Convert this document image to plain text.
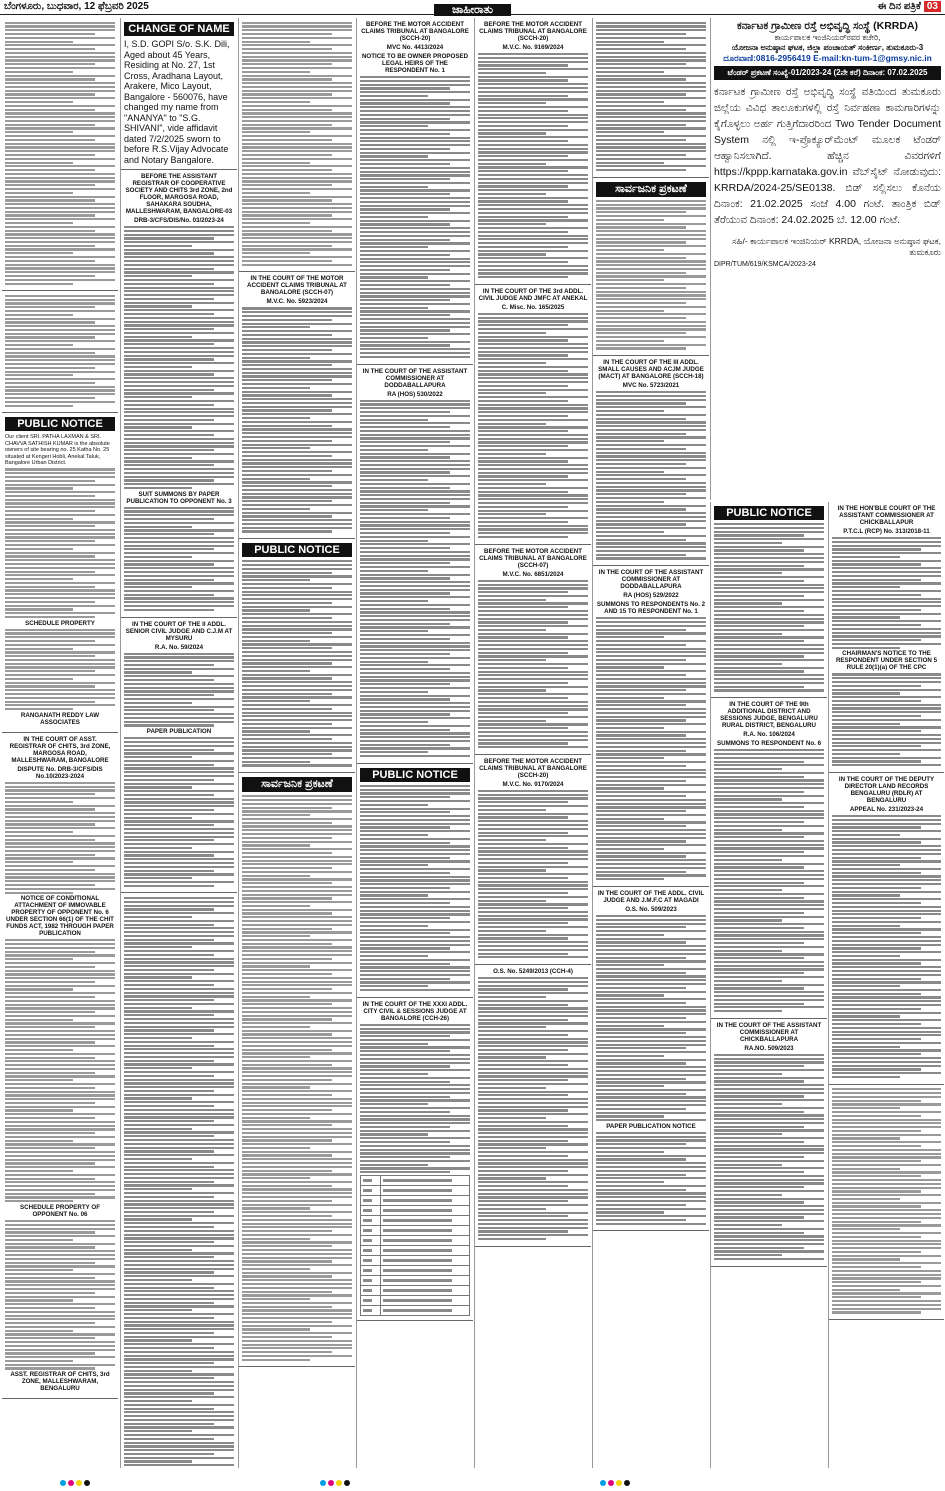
ಬೆಂಗಳೂರು, ಬುಧವಾರ, 12 ಫೆಬ್ರವರಿ 2025	ಜಾಹೀರಾತು	ಈ ದಿನ ಪತ್ರಿಕೆ 03
PUBLIC NOTICE
Our client SRI. PATHA LAXMAN & SRI. CHAVVA SATHISH KUMAR is the absolute owners of site bearing no. 25 Katha No. 25 situated at Kengeri Hobli, Anekal Taluk, Bangalore Urban District.
SCHEDULE PROPERTY
RANGANATH REDDY LAW ASSOCIATES
IN THE COURT OF ASST. REGISTRAR OF CHITS, 3rd ZONE, MARGOSA ROAD, MALLESHWARAM, BANGALORE
DISPUTE No. DRB-3/CFS/DIS No.10/2023-2024
NOTICE OF CONDITIONAL ATTACHMENT OF IMMOVABLE PROPERTY OF OPPONENT No. 6 UNDER SECTION 66(1) OF THE CHIT FUNDS ACT, 1982 THROUGH PAPER PUBLICATION
SCHEDULE PROPERTY OF OPPONENT No. 06
ASST. REGISTRAR OF CHITS, 3rd ZONE, MALLESHWARAM, BENGALURU
CHANGE OF NAME
I, S.D. GOPI S/o. S.K. Dili, Aged about 45 Years, Residing at No. 27, 1st Cross, Aradhana Layout, Arakere, Mico Layout, Bangalore - 560076, have changed my name from "ANANYA" to "S.G. SHIVANI", vide affidavit dated 7/2/2025 sworn to before R.S.Vijay Advocate and Notary Bangalore.
BEFORE THE ASSISTANT REGISTRAR OF COOPERATIVE SOCIETY AND CHITS 3rd ZONE, 2nd FLOOR, MARGOSA ROAD, SAHAKARA SOUDHA, MALLESHWARAM, BANGALORE-03
DRB-3/CFS/DIS/No. 03/2023-24
SUIT SUMMONS BY PAPER PUBLICATION TO OPPONENT No. 3
IN THE COURT OF THE II ADDL. SENIOR CIVIL JUDGE AND C.J.M AT MYSURU
R.A. No. 59/2024
PAPER PUBLICATION
IN THE COURT OF THE MOTOR ACCIDENT CLAIMS TRIBUNAL AT BANGALORE (SCCH-07)
M.V.C. No. 5923/2024
PUBLIC NOTICE
ಸಾರ್ವಜನಿಕ ಪ್ರಕಟಣೆ
BEFORE THE MOTOR ACCIDENT CLAIMS TRIBUNAL AT BANGALORE (SCCH-20)
MVC No. 4413/2024
NOTICE TO BE OWNER PROPOSED LEGAL HEIRS OF THE RESPONDENT No. 1
IN THE COURT OF THE ASSISTANT COMMISSIONER AT DODDABALLAPURA
RA (HOS) 530/2022
PUBLIC NOTICE
IN THE COURT OF THE XXXI ADDL. CITY CIVIL & SESSIONS JUDGE AT BANGALORE (CCH-26)

BEFORE THE MOTOR ACCIDENT CLAIMS TRIBUNAL AT BANGALORE (SCCH-20)
M.V.C. No. 9169/2024
IN THE COURT OF THE 3rd ADDL. CIVIL JUDGE AND JMFC AT ANEKAL
C. Misc. No. 165/2025
BEFORE THE MOTOR ACCIDENT CLAIMS TRIBUNAL AT BANGALORE (SCCH-07)
M.V.C. No. 6851/2024
BEFORE THE MOTOR ACCIDENT CLAIMS TRIBUNAL AT BANGALORE (SCCH-20)
M.V.C. No. 9170/2024
O.S. No. 5249/2013 (CCH-4)
ಸಾರ್ವಜನಿಕ ಪ್ರಕಟಣೆ
IN THE COURT OF THE III ADDL. SMALL CAUSES AND ACJM JUDGE (MACT) AT BANGALORE (SCCH-18)
MVC No. 5723/2021
IN THE COURT OF THE ASSISTANT COMMISSIONER AT DODDABALLAPURA
RA (HOS) 529/2022
SUMMONS TO RESPONDENTS No. 2 AND 15 TO RESPONDENT No. 1
IN THE COURT OF THE ADDL. CIVIL JUDGE AND J.M.F.C AT MAGADI
O.S. No. 509/2023
PAPER PUBLICATION NOTICE
ಕರ್ನಾಟಕ ಗ್ರಾಮೀಣ ರಸ್ತೆ ಅಭಿವೃದ್ಧಿ ಸಂಸ್ಥೆ (KRRDA)
ಕಾರ್ಯಪಾಲಕ ಇಂಜಿನಿಯರ್‌ರವರ ಕಚೇರಿ,
ಯೋಜನಾ ಅನುಷ್ಠಾನ ಘಟಕ, ಜಿಲ್ಲಾ ಪಂಚಾಯತ್ ಸಂಕೀರ್ಣ, ತುಮಕೂರು-3
ದೂರವಾಣಿ:0816-2956419 E-mail:kn-tum-1@gmsy.nic.in
ಟೆಂಡರ್ ಪ್ರಕಟಣೆ ಸಂಖ್ಯೆ-01/2023-24 (2ನೇ ಕರೆ) ದಿನಾಂಕ: 07.02.2025
ಕರ್ನಾಟಕ ಗ್ರಾಮೀಣ ರಸ್ತೆ ಅಭಿವೃದ್ಧಿ ಸಂಸ್ಥೆ ವತಿಯಿಂದ ತುಮಕೂರು ಜಿಲ್ಲೆಯ ವಿವಿಧ ತಾಲೂಕುಗಳಲ್ಲಿ ರಸ್ತೆ ನಿರ್ವಹಣಾ ಕಾಮಗಾರಿಗಳನ್ನು ಕೈಗೊಳ್ಳಲು ಅರ್ಹ ಗುತ್ತಿಗೆದಾರರಿಂದ Two Tender Document System ನಲ್ಲಿ ಇ-ಪ್ರೊಕ್ಯೂರ್‌ಮೆಂಟ್ ಮೂಲಕ ಟೆಂಡರ್ ಆಹ್ವಾನಿಸಲಾಗಿದೆ. ಹೆಚ್ಚಿನ ವಿವರಗಳಿಗೆ https://kppp.karnataka.gov.in ವೆಬ್‌ಸೈಟ್ ನೋಡುವುದು: KRRDA/2024-25/SE0138. ಬಿಡ್ ಸಲ್ಲಿಸಲು ಕೊನೆಯ ದಿನಾಂಕ: 21.02.2025 ಸಂಜೆ 4.00 ಗಂಟೆ. ತಾಂತ್ರಿಕ ಬಿಡ್ ತೆರೆಯುವ ದಿನಾಂಕ: 24.02.2025 ಬೆ. 12.00 ಗಂಟೆ.
ಸಹಿ/- ಕಾರ್ಯಪಾಲಕ ಇಂಜಿನಿಯರ್ KRRDA, ಯೋಜನಾ ಅನುಷ್ಠಾನ ಘಟಕ, ತುಮಕೂರು
DIPR/TUM/619/KSMCA/2023-24
PUBLIC NOTICE
IN THE COURT OF THE 9th ADDITIONAL DISTRICT AND SESSIONS JUDGE, BENGALURU RURAL DISTRICT, BENGALURU
R.A. No. 106/2024
SUMMONS TO RESPONDENT No. 6
IN THE COURT OF THE ASSISTANT COMMISSIONER AT CHICKBALLAPURA
RA.NO. 509/2023
IN THE HON'BLE COURT OF THE ASSISTANT COMMISSIONER AT CHICKBALLAPUR
P.T.C.L (RCP) No. 313/2018-11
CHAIRMAN'S NOTICE TO THE RESPONDENT UNDER SECTION 5 RULE 20(1)(a) OF THE CPC
IN THE COURT OF THE DEPUTY DIRECTOR LAND RECORDS BENGALURU (RDLR) AT BENGALURU
APPEAL No. 231/2023-24
